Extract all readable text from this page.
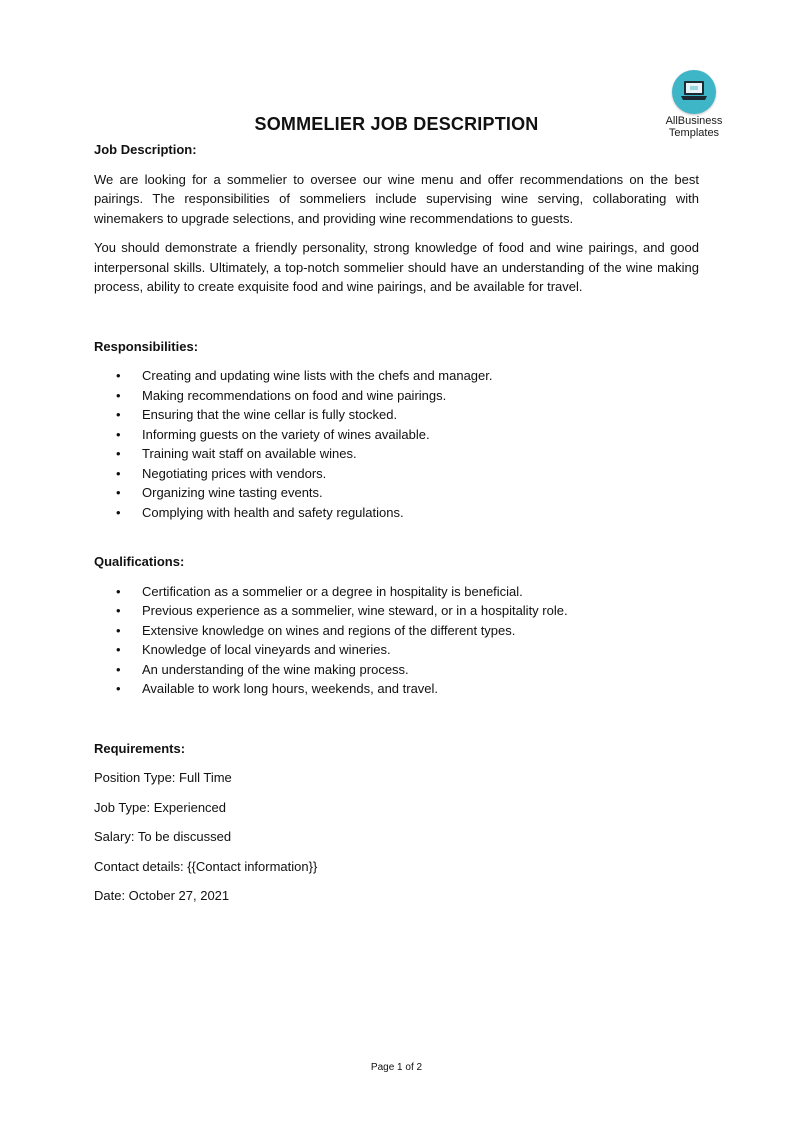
AllBusiness
Templates
SOMMELIER JOB DESCRIPTION

Job Description:

We are looking for a sommelier to oversee our wine menu and offer recommendations on the best pairings. The responsibilities of sommeliers include supervising wine serving, collaborating with winemakers to upgrade selections, and providing wine recommendations to guests.

You should demonstrate a friendly personality, strong knowledge of food and wine pairings, and good interpersonal skills. Ultimately, a top-notch sommelier should have an understanding of the wine making process, ability to create exquisite food and wine pairings, and be available for travel.

Responsibilities:

• Creating and updating wine lists with the chefs and manager.
• Making recommendations on food and wine pairings.
• Ensuring that the wine cellar is fully stocked.
• Informing guests on the variety of wines available.
• Training wait staff on available wines.
• Negotiating prices with vendors.
• Organizing wine tasting events.
• Complying with health and safety regulations.

Qualifications:

• Certification as a sommelier or a degree in hospitality is beneficial.
• Previous experience as a sommelier, wine steward, or in a hospitality role.
• Extensive knowledge on wines and regions of the different types.
• Knowledge of local vineyards and wineries.
• An understanding of the wine making process.
• Available to work long hours, weekends, and travel.

Requirements:

Position Type: Full Time

Job Type: Experienced

Salary: To be discussed

Contact details: {{Contact information}}

Date: October 27, 2021

Page 1 of 2
